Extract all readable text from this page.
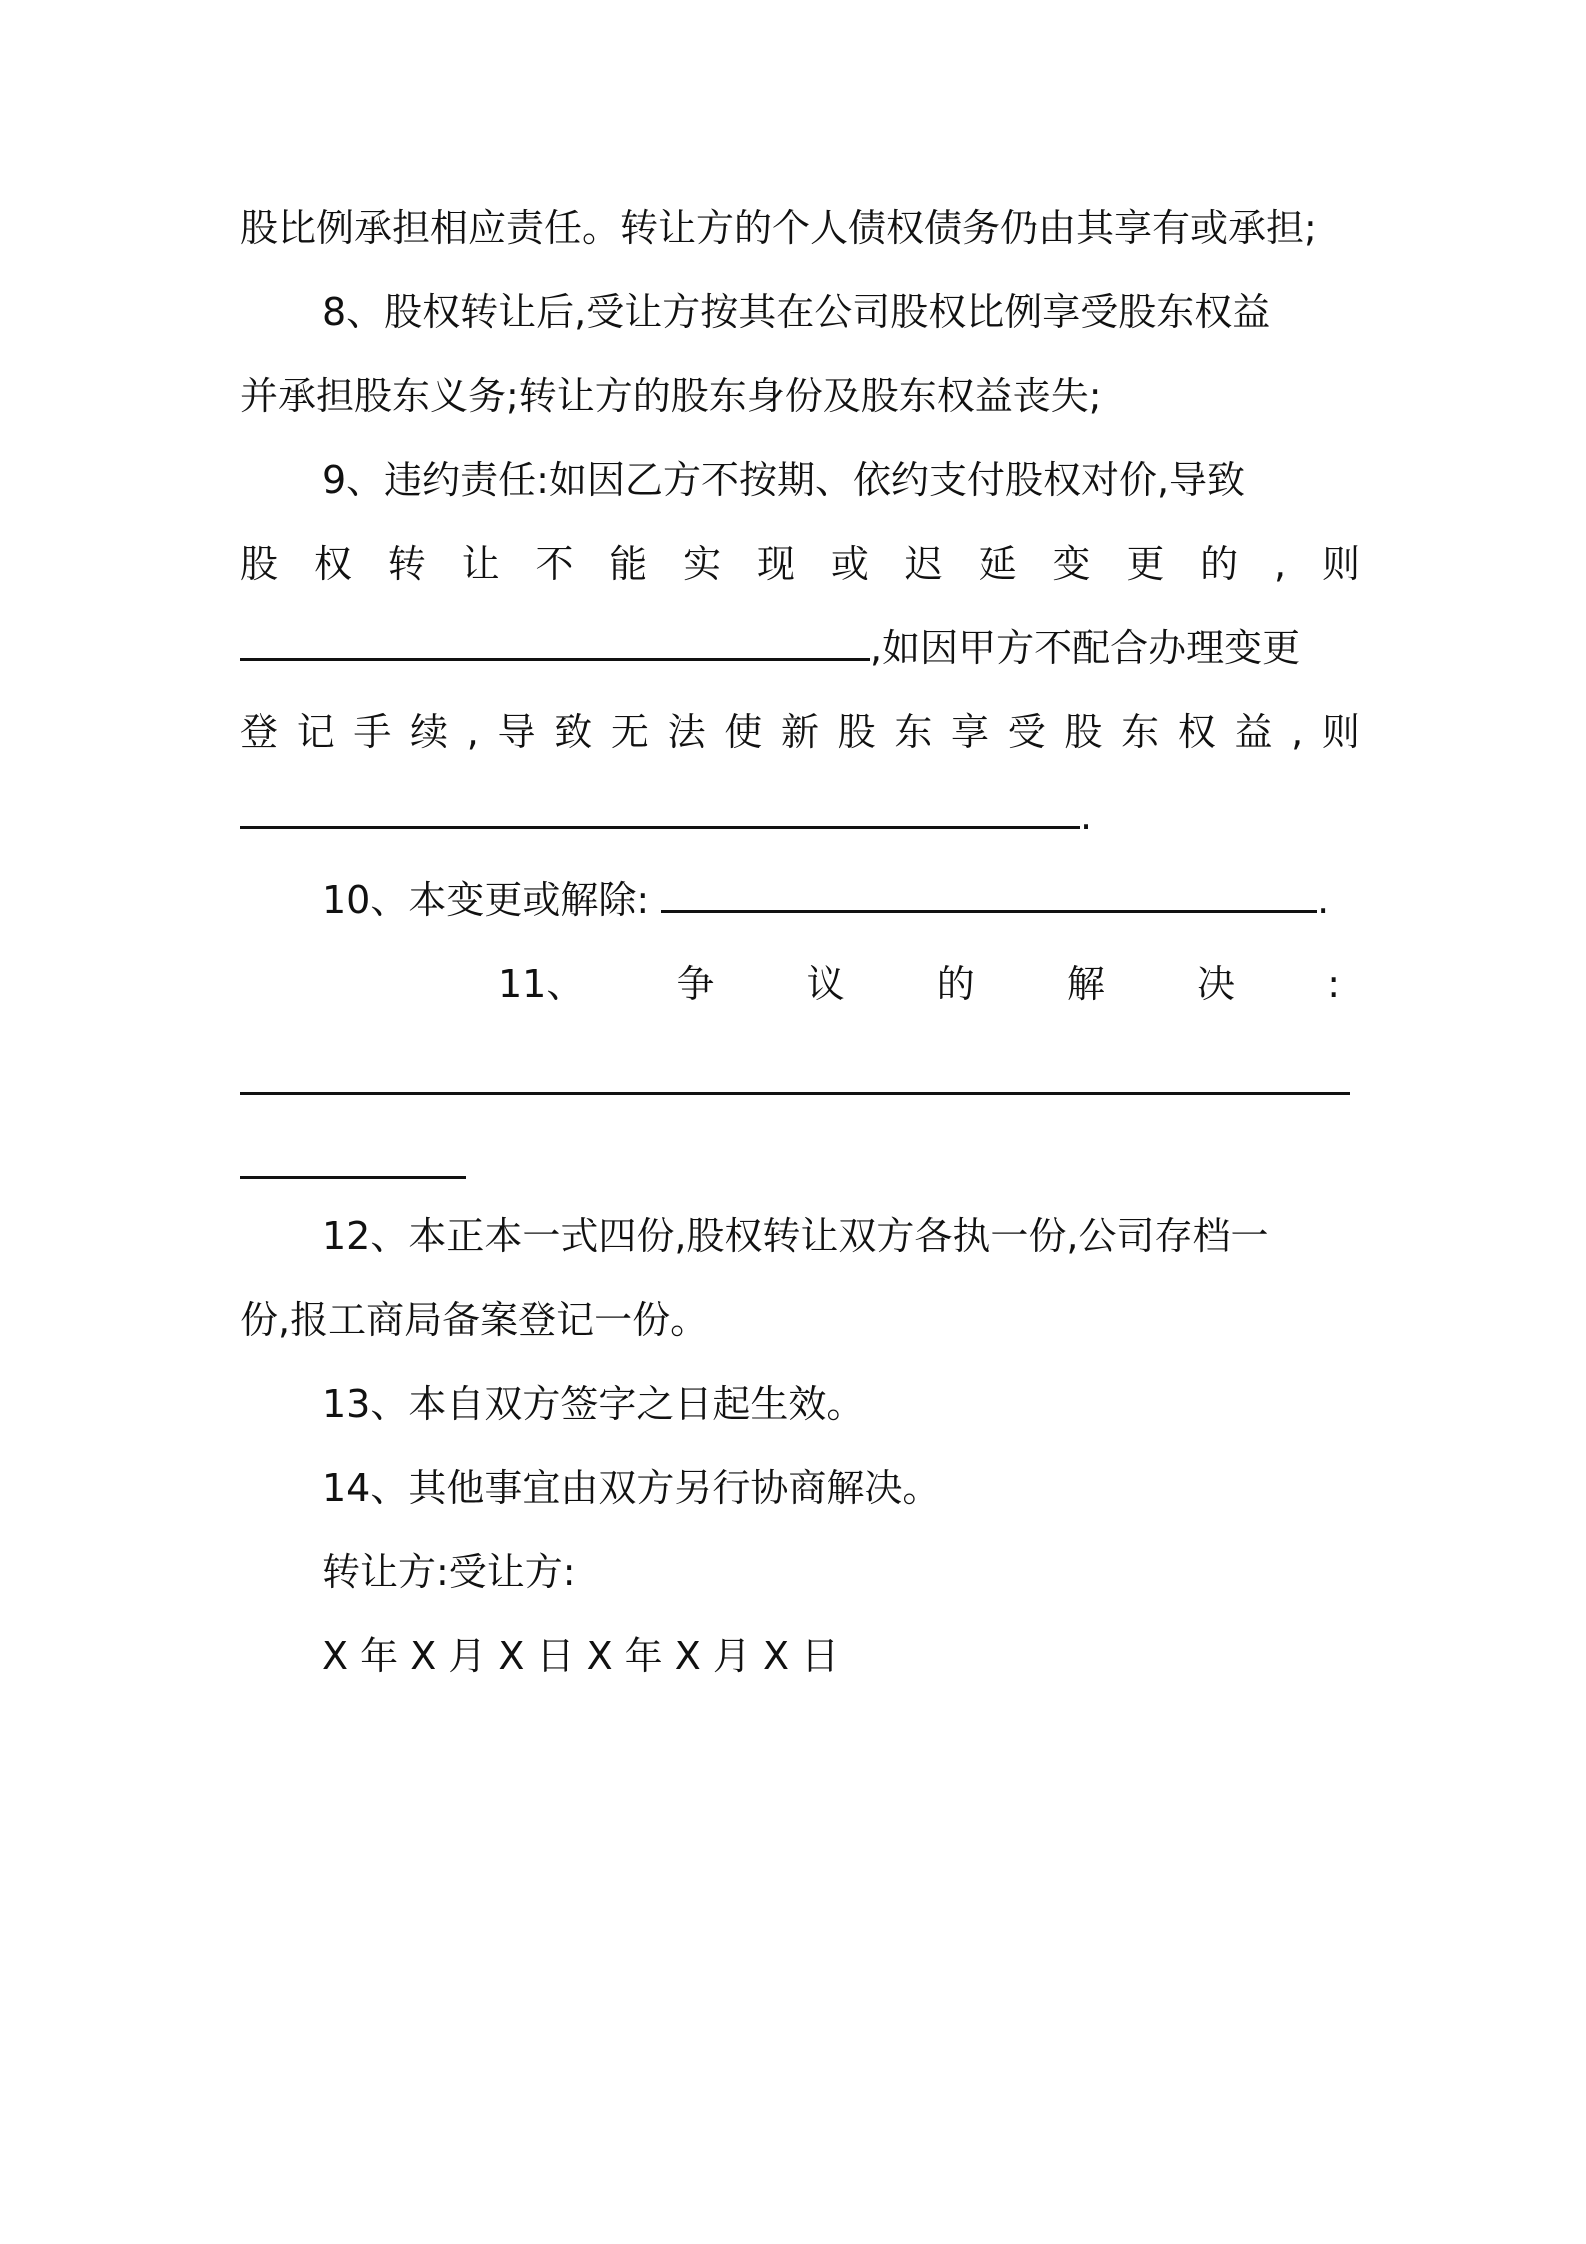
股比例承担相应责任。转让方的个人债权债务仍由其享有或承担;
8、股权转让后,受让方按其在公司股权比例享受股东权益
并承担股东义务;转让方的股东身份及股东权益丧失;
9、违约责任:如因乙方不按期、依约支付股权对价,导致
股 权 转 让 不 能 实 现 或 迟 延 变 更 的 , 则
,如因甲方不配合办理变更
登 记 手 续 , 导 致 无 法 使 新 股 东 享 受 股 东 权 益 , 则
.
10、本变更或解除:	.
11、 争 议 的 解 决 :
12、本正本一式四份,股权转让双方各执一份,公司存档一
份,报工商局备案登记一份。
13、本自双方签字之日起生效。
14、其他事宜由双方另行协商解决。
转让方:受让方:
X 年 X 月 X 日 X 年 X 月 X 日
